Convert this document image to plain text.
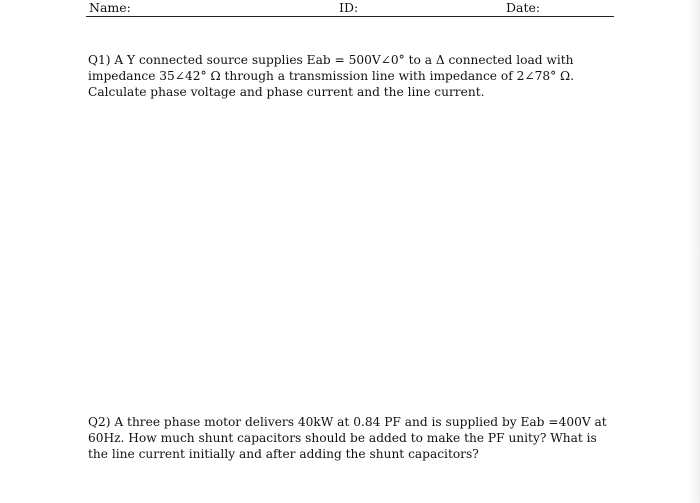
Name:	ID:	Date:

Q1) A Y connected source supplies Eab = 500V∠0° to a Δ connected load with impedance 35∠42° Ω through a transmission line with impedance of 2∠78° Ω. Calculate phase voltage and phase current and the line current.

Q2) A three phase motor delivers 40kW at 0.84 PF and is supplied by Eab =400V at 60Hz. How much shunt capacitors should be added to make the PF unity? What is the line current initially and after adding the shunt capacitors?
